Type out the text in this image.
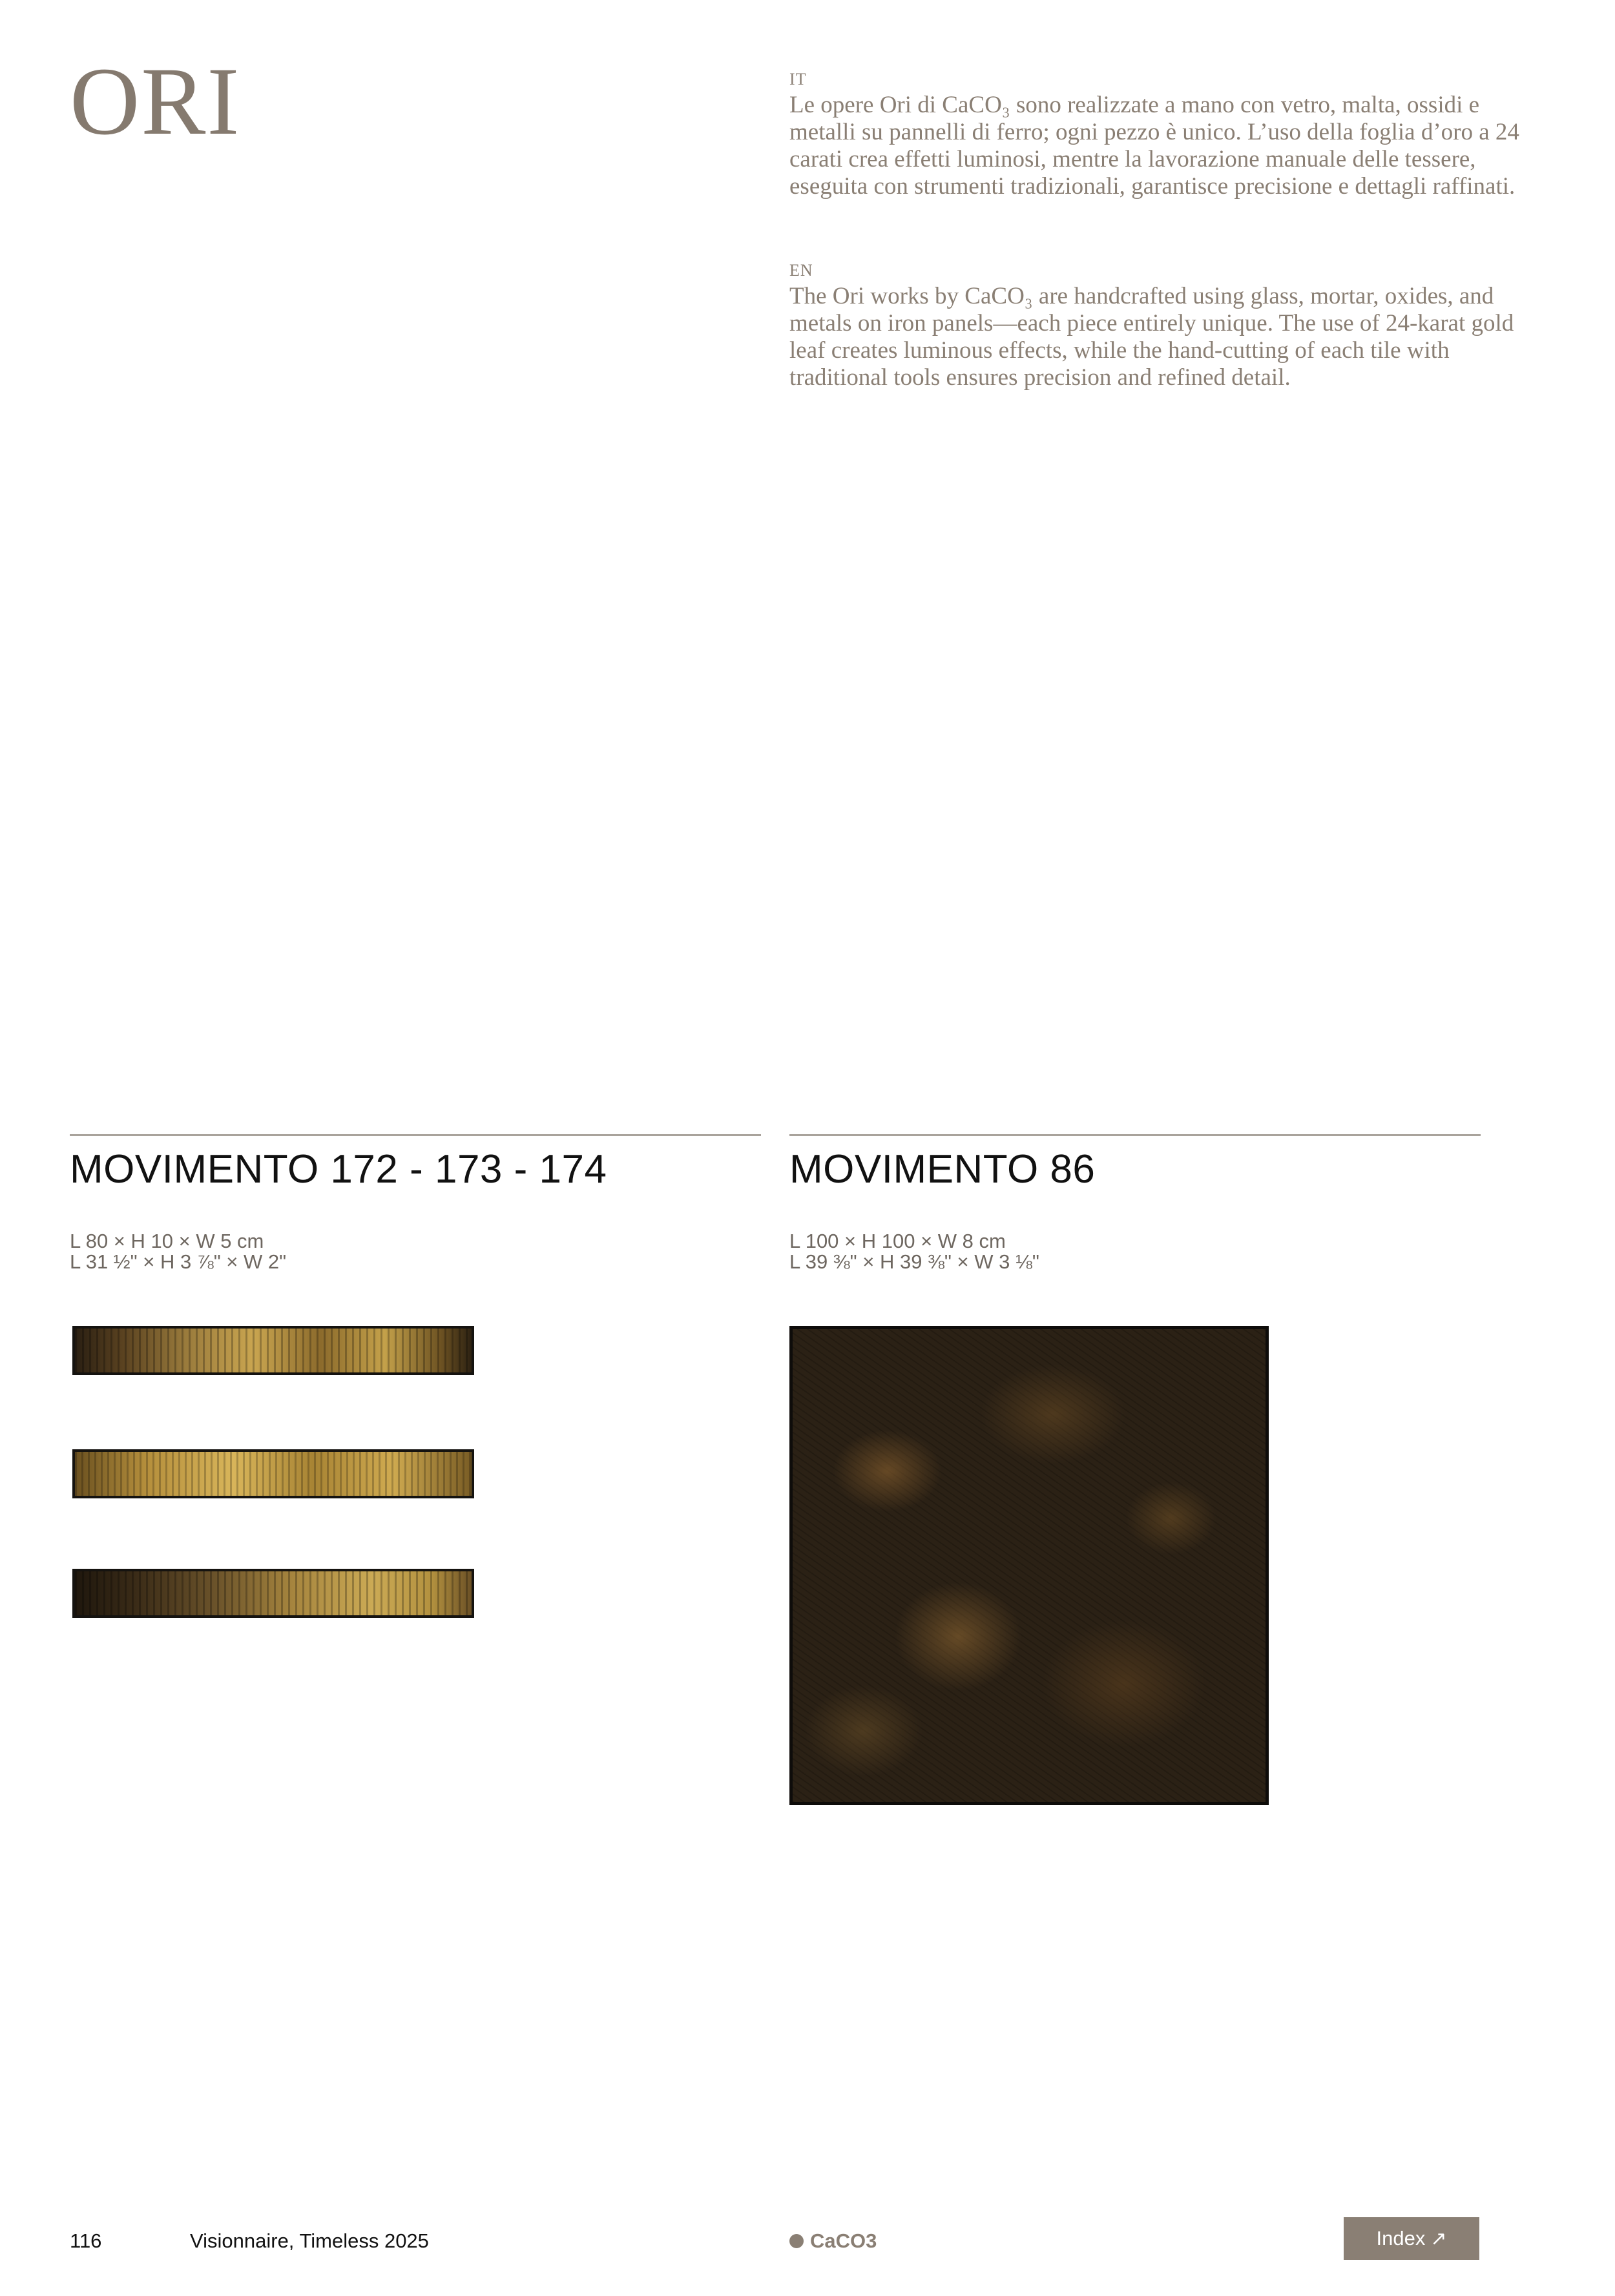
ORI	IT
Le opere Ori di CaCO₃ sono realizzate a mano con vetro, malta, ossidi e metalli su pannelli di ferro; ogni pezzo è unico. L’uso della foglia d’oro a 24 carati crea effetti luminosi, mentre la lavorazione manuale delle tessere, eseguita con strumenti tradizionali, garantisce precisione e dettagli raffinati.
EN
The Ori works by CaCO₃ are handcrafted using glass, mortar, oxides, and metals on iron panels—each piece entirely unique. The use of 24-karat gold leaf creates luminous effects, while the hand-cutting of each tile with traditional tools ensures precision and refined detail.
MOVIMENTO 172 - 173 - 174
L 80 × H 10 × W 5 cm
L 31 ½" × H 3 ⅞" × W 2"
MOVIMENTO 86
L 100 × H 100 × W 8 cm
L 39 ⅜" × H 39 ⅜" × W 3 ⅛"
116	Visionnaire, Timeless 2025	CaCO3	Index ↗
